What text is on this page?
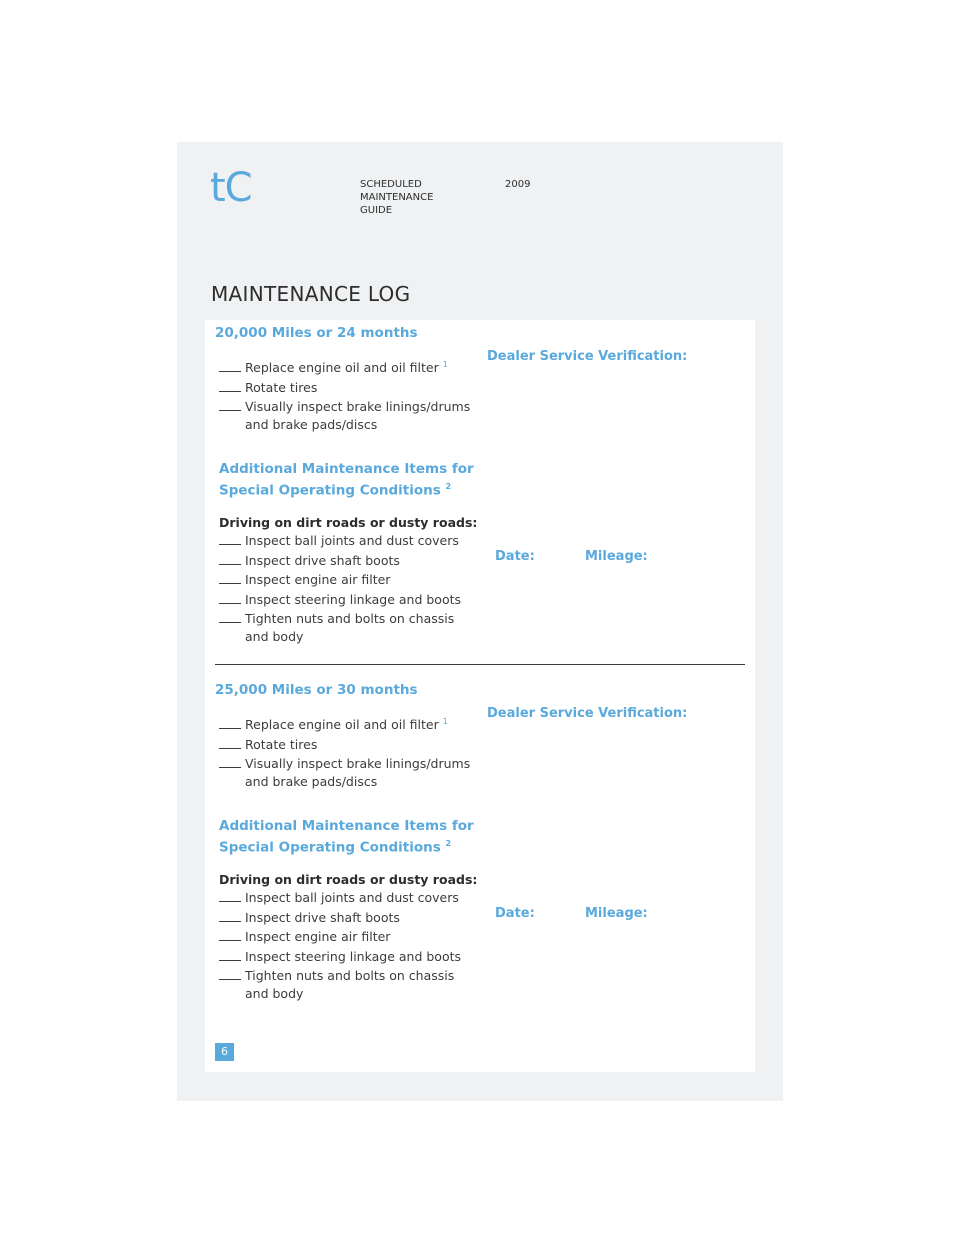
tC	SCHEDULED
MAINTENANCE
GUIDE
2009
MAINTENANCE LOG
20,000 Miles or 24 months
Replace engine oil and oil filter $^1$
Rotate tires
Visually inspect brake linings/drums and brake pads/discs
Additional Maintenance Items for
Special Operating Conditions $^2$
Driving on dirt roads or dusty roads:
Inspect ball joints and dust covers
Inspect drive shaft boots
Inspect engine air filter
Inspect steering linkage and boots
Tighten nuts and bolts on chassis and body
Dealer Service Verification:
Date:	Mileage:
25,000 Miles or 30 months
Replace engine oil and oil filter $^1$
Rotate tires
Visually inspect brake linings/drums and brake pads/discs
Additional Maintenance Items for
Special Operating Conditions $^2$
Driving on dirt roads or dusty roads:
Inspect ball joints and dust covers
Inspect drive shaft boots
Inspect engine air filter
Inspect steering linkage and boots
Tighten nuts and bolts on chassis and body
Dealer Service Verification:
Date:	Mileage:
6
